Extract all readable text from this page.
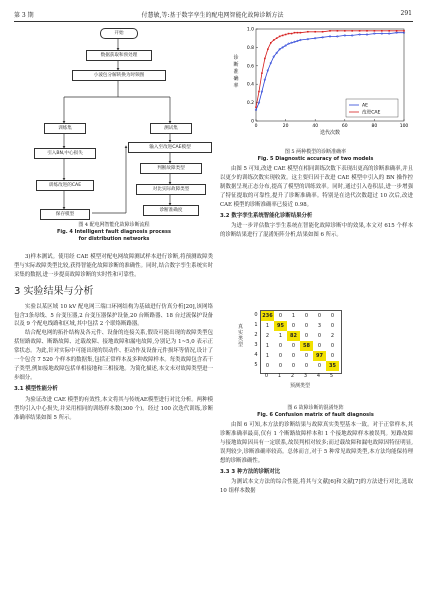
第 3 期	付慧敏,等:基于数字孪生的配电网智能化故障诊断方法	291
开始
数据获取和预处理
小波包分解转换为时频图
训练集	测试集
输入至改进CAE模型
引入BN,中心损失
判断故障类型
训练改进的CAE
对比实际故障类型
保存模型
诊断准确度
图 4 配电网智能化故障诊断流程
Fig. 4 Intelligent fault diagnosis process
for distribution networks

3)样本测试。使用经 CAE 模型对配电网故障测试样本进行诊断,将预测故障类型与实际故障类型比较,获得智能化故障诊断的准确性。同时,结合数字孪生系统实时采集的数据,进一步提高故障诊断的实时性和可靠性。

3 实验结果与分析

实验以某区域 10 kV 配电网三端口环网结构为基础进行仿真分析[20],该网络包含3条母线、5 台变压器,2 台变压器保护设备,20 台断路器、18 台过流保护设备以及 9 个配电线路和区域,其中包括 2 个联络断路器。

结合配电网的拓扑结构及各元件、设备的连接关系,假设可能出现的故障类型包括短路故障、断路故障、过载故障、接地故障和漏电故障,分别记为 1~5,0 表示正常状态。为此,针对实际中可能出现的误动作、拒动作及设备元件损坏等情况,设计了一个包含 7 520 个样本的数据集,包括正常样本及多种故障样本。每类故障包含若干子类型,例如接地故障包括单相接地和三相接地。为简化描述,本文未对故障类型进一步细分。

3.1 模型性能分析

为验证改进 CAE 模型的有效性,本文将其与传统AE模型进行对比分析。两种模型均引入中心损失,并采用相同的训练样本数(300 个)。经过 100 次迭代训练,诊断准确率结果如图 5 所示。

0	20	40	60	80	100
0
0.2
0.4
0.6
0.8
1.0
迭代次数
诊
断
准
确
率
AE
改进CAE
图 5 两种模型的诊断准确率
Fig. 5 Diagnostic accuracy of two models

由图 5 可知,改进 CAE 模型在相同训练次数下表现出更高的诊断准确率,并且以更少的训练次数实现收敛。这主要归因于改进 CAE 模型中引入的 BN 操作控制数据呈现正态分布,提高了模型的训练效率。同时,通过引入卷积层,进一步增强了特征提取的可靠性,提升了诊断准确率。特别是在迭代次数超过 10 次后,改进 CAE 模型的诊断准确率已接近 0.98。

3.2 数字孪生系统智能化诊断结果分析

为进一步评估数字孪生系统在智能化故障诊断中的效果,本文对 615 个样本的诊断结果进行了混淆矩阵分析,结果如图 6 所示。

236	0	1	0	0	0
1	95	0	0	3	0
2	1	82	0	0	2
1	0	0	58	0	0
1	0	0	0	97	0
0	0	0	0	0	35
0
1
2
3
4
5
0	1	2	3	4	5
真实类型
预测类型
图 6 故障诊断的混淆矩阵
Fig. 6 Confusion matrix of fault diagnosis

由图 6 可知,本方法的诊断结果与故障真实类型基本一致。对于正常样本,其诊断准确率最高,仅有 1 个断路故障样本和 1 个接地故障样本被误判。短路故障与接地故障因具有一定联系,故误判相对较多;而过载故障和漏电故障因特征明显,误判较少,诊断准确率较高。总体而言,对于 5 种常见故障类型,本方法均能保持理想的诊断准确性。

3.3 3 种方法的诊断对比

为测试本文方法的综合性能,将其与文献[6]和文献[7]的方法进行对比,选取 10 组样本数据
